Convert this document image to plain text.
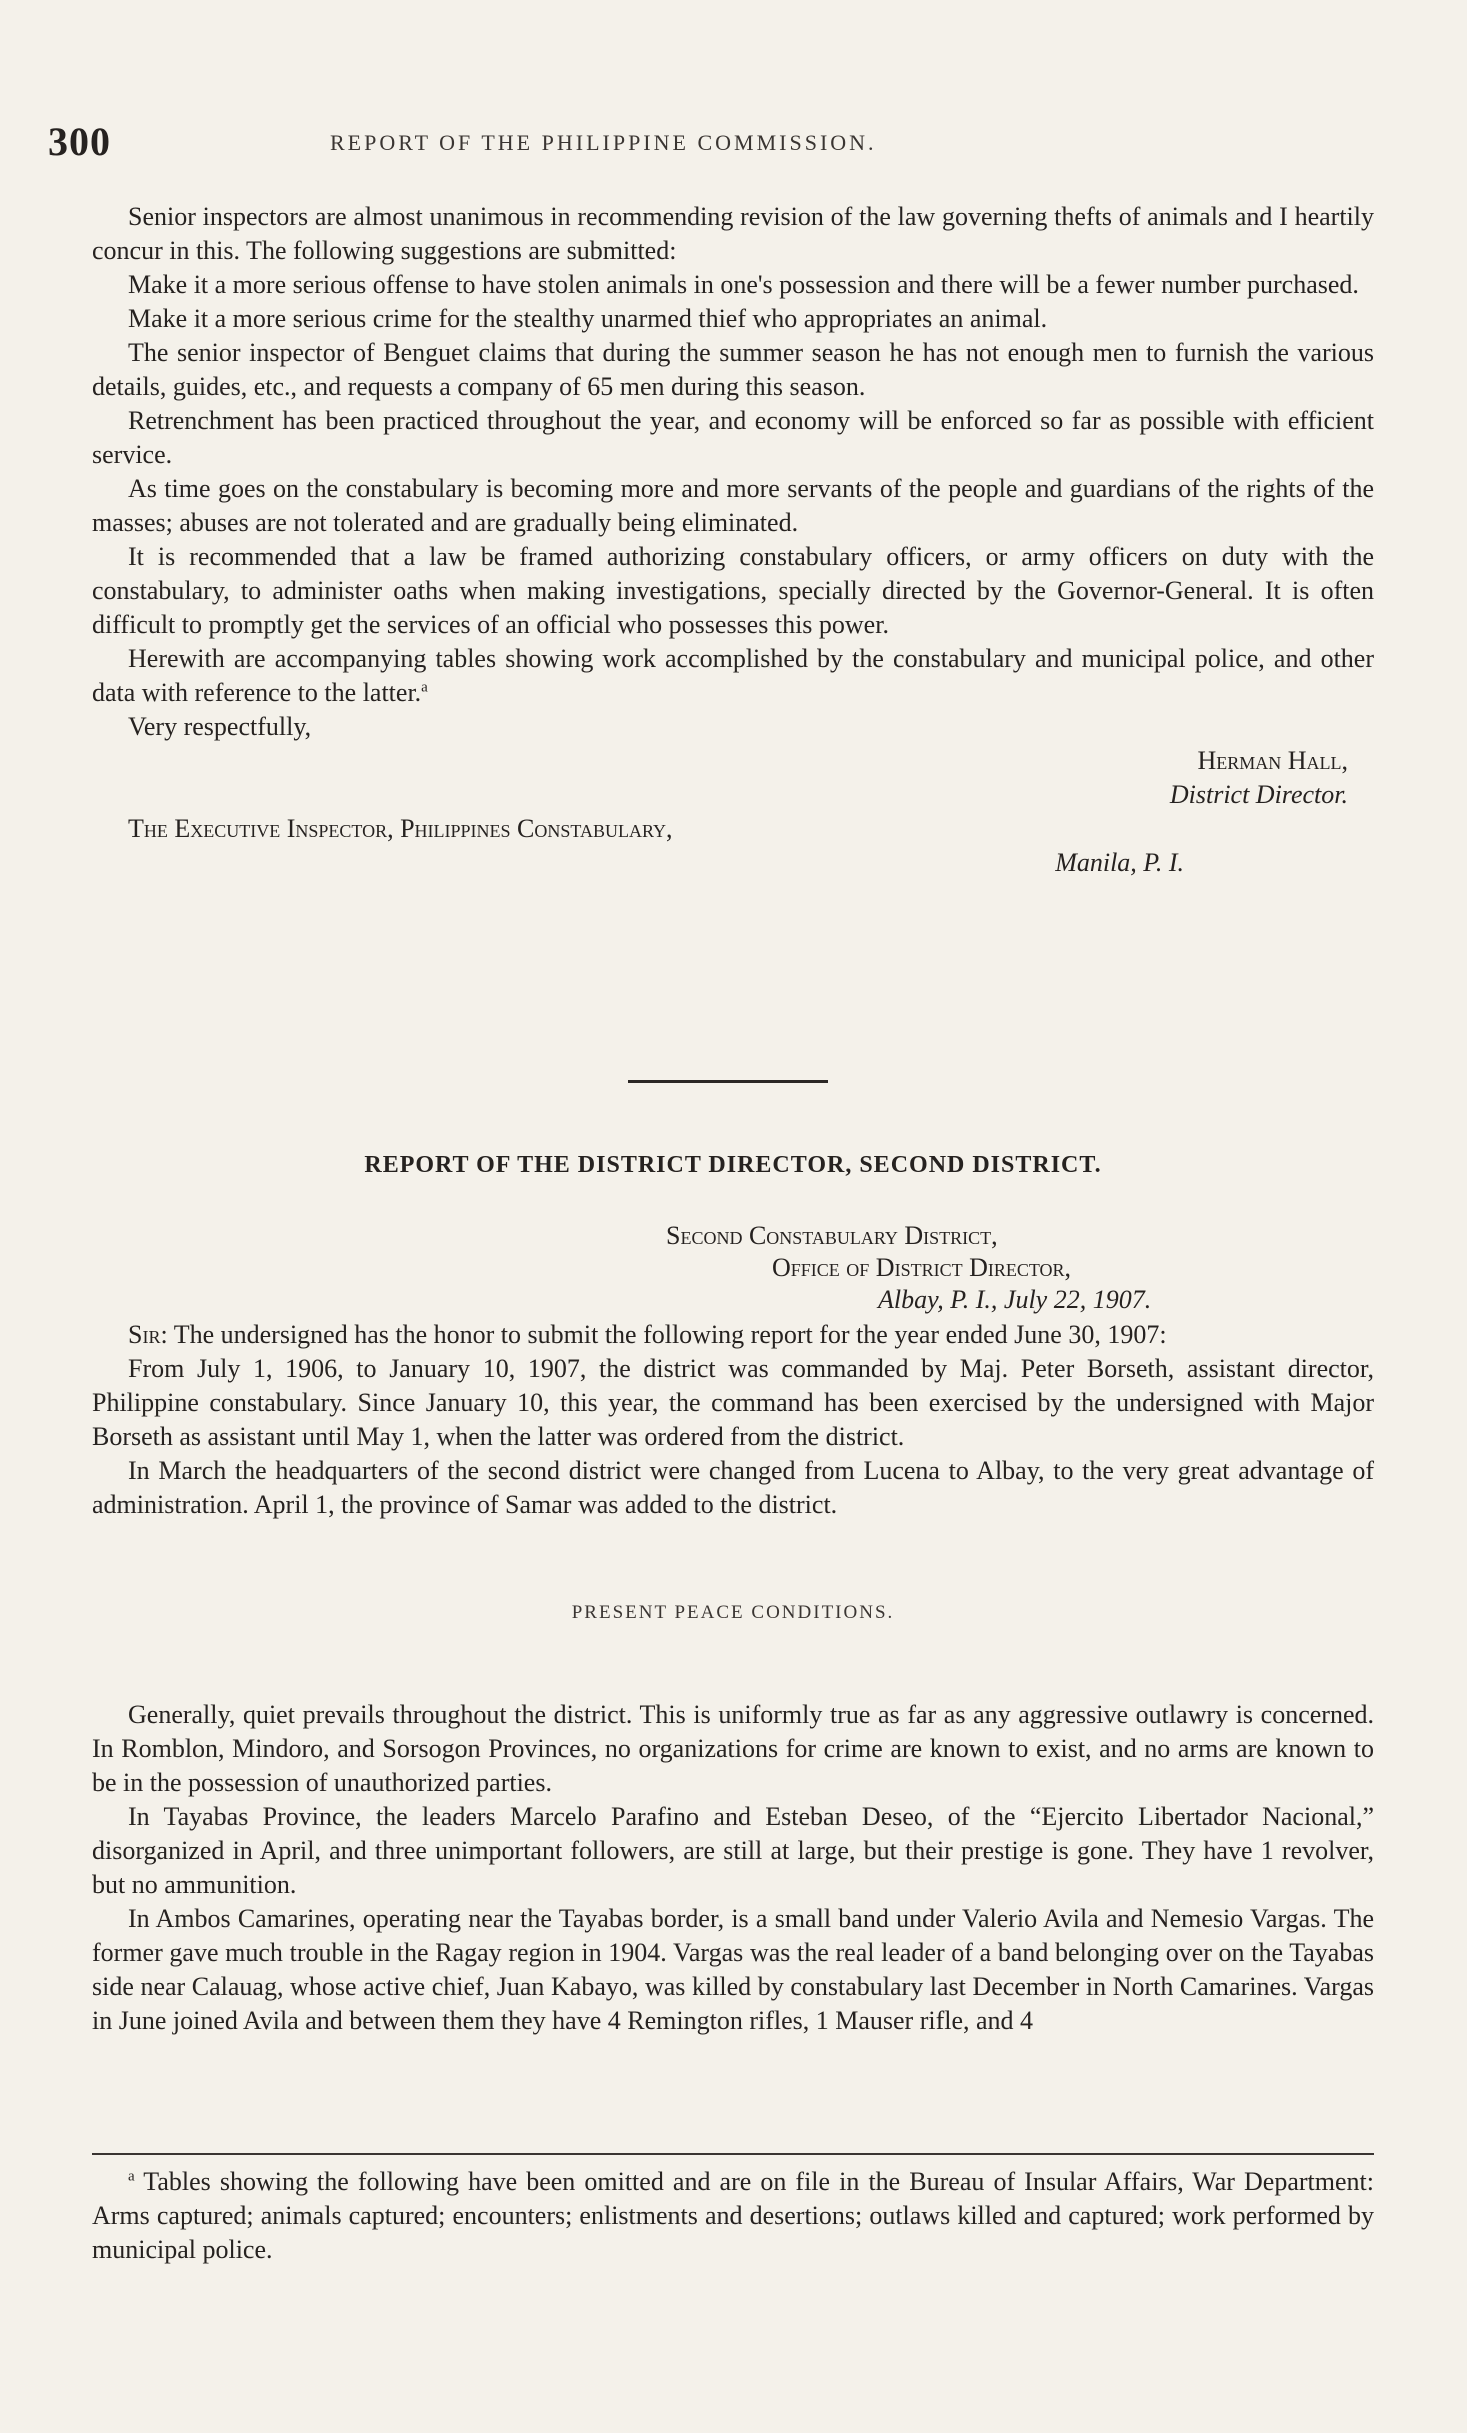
300	REPORT OF THE PHILIPPINE COMMISSION.

Senior inspectors are almost unanimous in recommending revision of the law governing thefts of animals and I heartily concur in this. The following suggestions are submitted:

Make it a more serious offense to have stolen animals in one's possession and there will be a fewer number purchased.

Make it a more serious crime for the stealthy unarmed thief who appropriates an animal.

The senior inspector of Benguet claims that during the summer season he has not enough men to furnish the various details, guides, etc., and requests a company of 65 men during this season.

Retrenchment has been practiced throughout the year, and economy will be enforced so far as possible with efficient service.

As time goes on the constabulary is becoming more and more servants of the people and guardians of the rights of the masses; abuses are not tolerated and are gradually being eliminated.

It is recommended that a law be framed authorizing constabulary officers, or army officers on duty with the constabulary, to administer oaths when making investigations, specially directed by the Governor-General. It is often difficult to promptly get the services of an official who possesses this power.

Herewith are accompanying tables showing work accomplished by the constabulary and municipal police, and other data with reference to the latter.$^a$

Very respectfully,

Herman Hall,

District Director.

The Executive Inspector, Philippines Constabulary,

Manila, P. I.

REPORT OF THE DISTRICT DIRECTOR, SECOND DISTRICT.

Second Constabulary District,

Office of District Director,

Albay, P. I., July 22, 1907.

Sir: The undersigned has the honor to submit the following report for the year ended June 30, 1907:

From July 1, 1906, to January 10, 1907, the district was commanded by Maj. Peter Borseth, assistant director, Philippine constabulary. Since January 10, this year, the command has been exercised by the undersigned with Major Borseth as assistant until May 1, when the latter was ordered from the district.

In March the headquarters of the second district were changed from Lucena to Albay, to the very great advantage of administration. April 1, the province of Samar was added to the district.

PRESENT PEACE CONDITIONS.

Generally, quiet prevails throughout the district. This is uniformly true as far as any aggressive outlawry is concerned. In Romblon, Mindoro, and Sorsogon Provinces, no organizations for crime are known to exist, and no arms are known to be in the possession of unauthorized parties.

In Tayabas Province, the leaders Marcelo Parafino and Esteban Deseo, of the “Ejercito Libertador Nacional,” disorganized in April, and three unimportant followers, are still at large, but their prestige is gone. They have 1 revolver, but no ammunition.

In Ambos Camarines, operating near the Tayabas border, is a small band under Valerio Avila and Nemesio Vargas. The former gave much trouble in the Ragay region in 1904. Vargas was the real leader of a band belonging over on the Tayabas side near Calauag, whose active chief, Juan Kabayo, was killed by constabulary last December in North Camarines. Vargas in June joined Avila and between them they have 4 Remington rifles, 1 Mauser rifle, and 4

$^a$ Tables showing the following have been omitted and are on file in the Bureau of Insular Affairs, War Department: Arms captured; animals captured; encounters; enlistments and desertions; outlaws killed and captured; work performed by municipal police.
